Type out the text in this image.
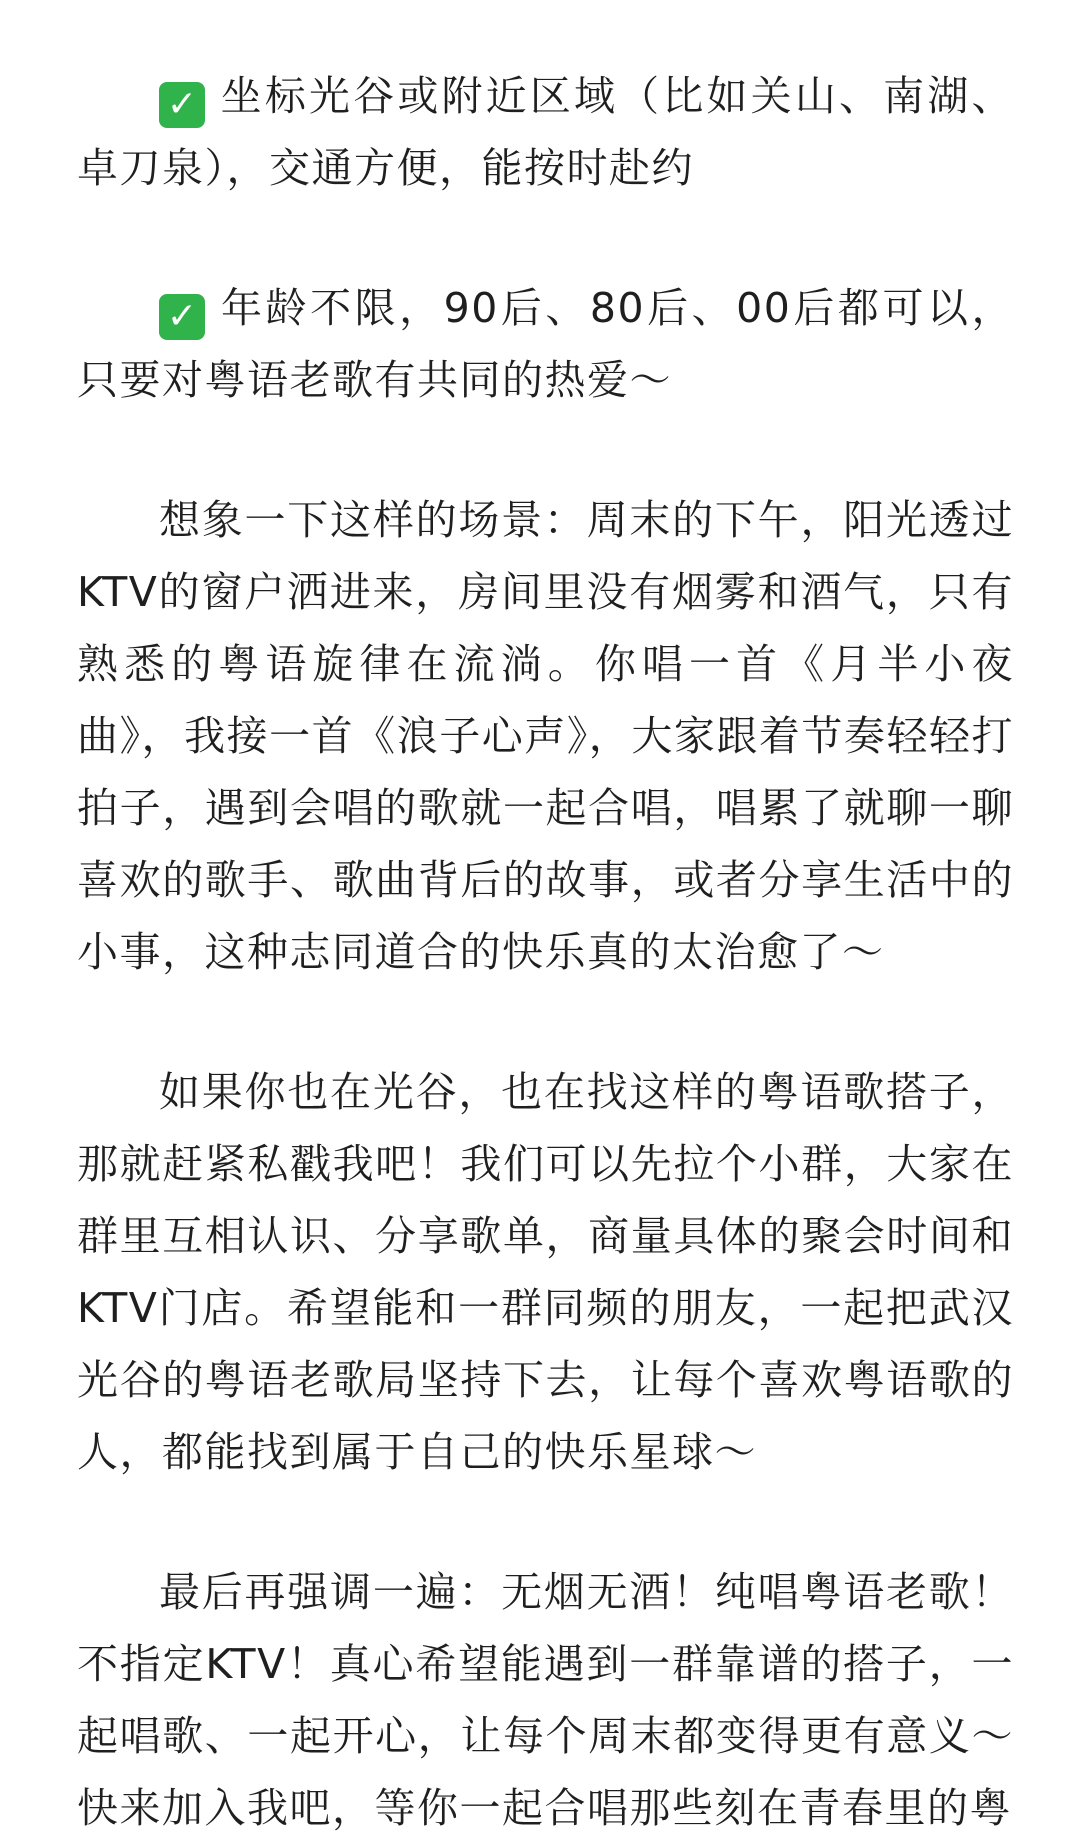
✓ 坐标光谷或附近区域（比如关山、南湖、卓刀泉），交通方便，能按时赴约

✓ 年龄不限，90后、80后、00后都可以，只要对粤语老歌有共同的热爱～

想象一下这样的场景：周末的下午，阳光透过KTV的窗户洒进来，房间里没有烟雾和酒气，只有熟悉的粤语旋律在流淌。你唱一首《月半小夜曲》，我接一首《浪子心声》，大家跟着节奏轻轻打拍子，遇到会唱的歌就一起合唱，唱累了就聊一聊喜欢的歌手、歌曲背后的故事，或者分享生活中的小事，这种志同道合的快乐真的太治愈了～

如果你也在光谷，也在找这样的粤语歌搭子，那就赶紧私戳我吧！我们可以先拉个小群，大家在群里互相认识、分享歌单，商量具体的聚会时间和KTV门店。希望能和一群同频的朋友，一起把武汉光谷的粤语老歌局坚持下去，让每个喜欢粤语歌的人，都能找到属于自己的快乐星球～

最后再强调一遍：无烟无酒！纯唱粤语老歌！不指定KTV！真心希望能遇到一群靠谱的搭子，一起唱歌、一起开心，让每个周末都变得更有意义～快来加入我吧，等你一起合唱那些刻在青春里的粤
